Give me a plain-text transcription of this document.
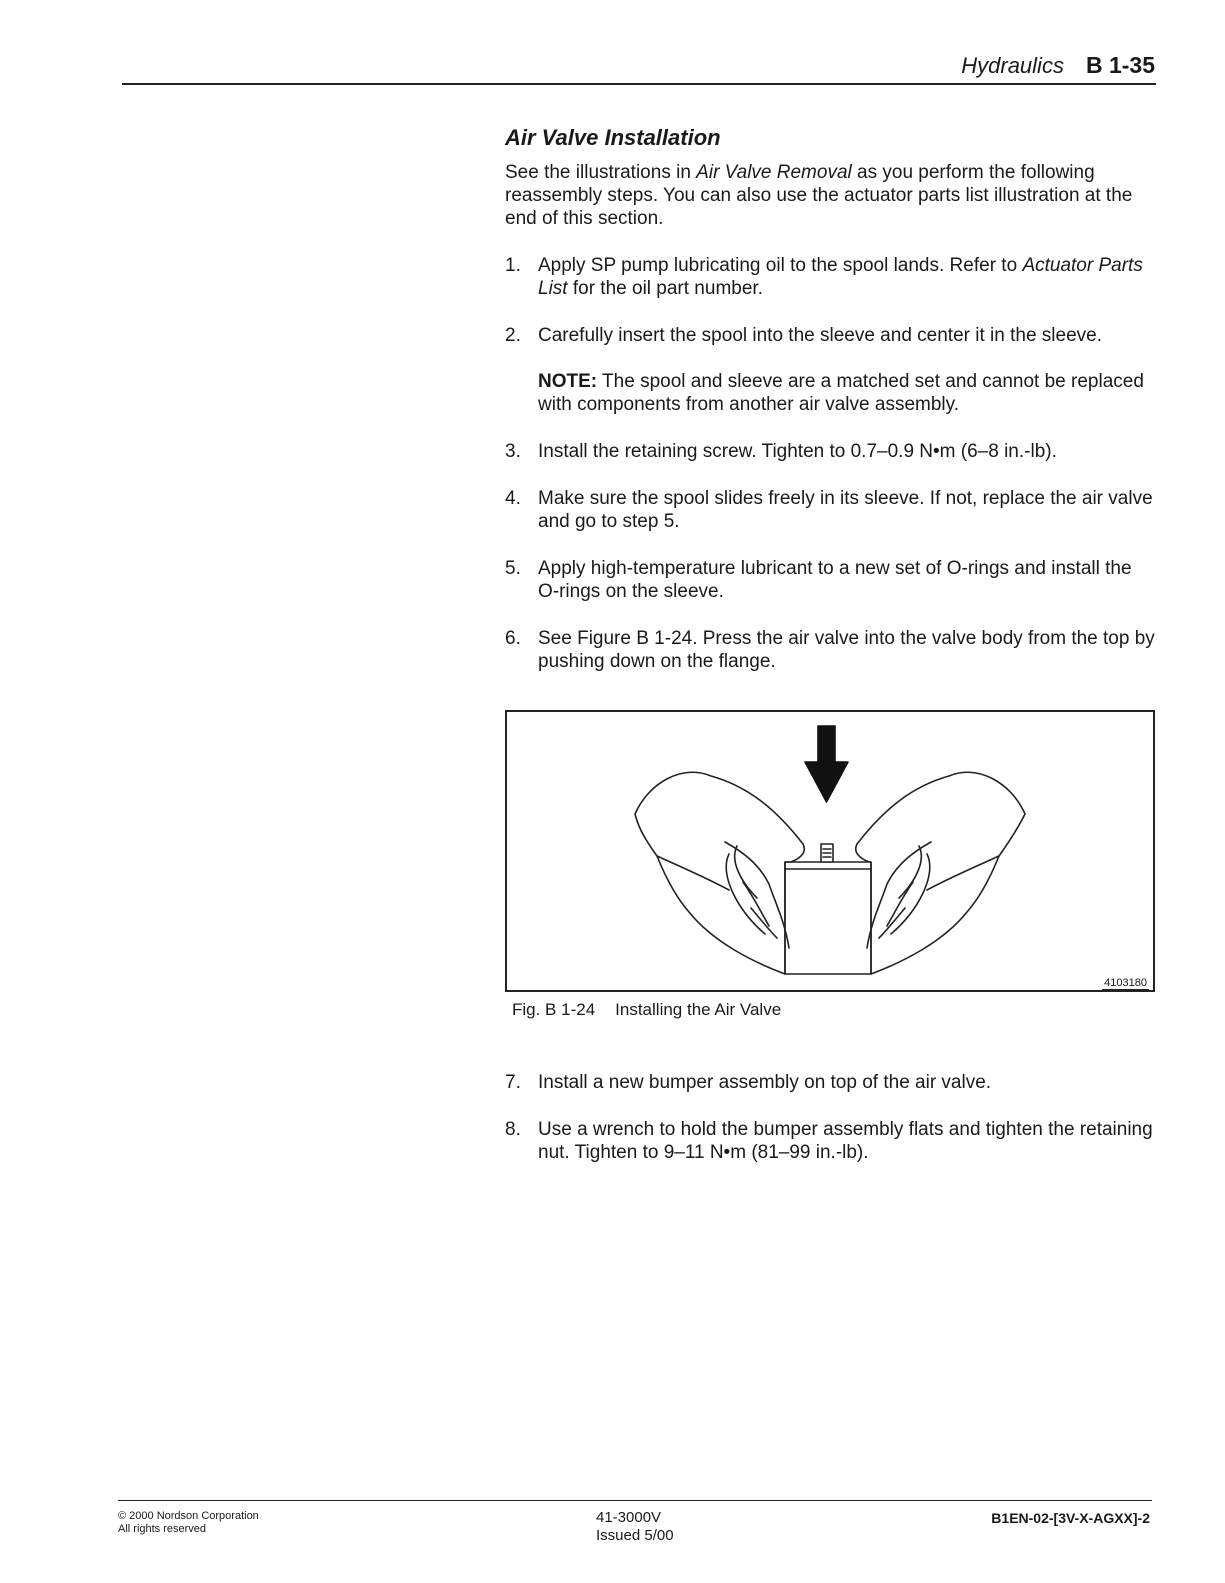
Hydraulics B 1-35
Air Valve Installation

See the illustrations in Air Valve Removal as you perform the following reassembly steps. You can also use the actuator parts list illustration at the end of this section.

1. Apply SP pump lubricating oil to the spool lands. Refer to Actuator Parts List for the oil part number.
2. Carefully insert the spool into the sleeve and center it in the sleeve.

NOTE: The spool and sleeve are a matched set and cannot be replaced with components from another air valve assembly.

3. Install the retaining screw. Tighten to 0.7–0.9 N•m (6–8 in.-lb).
4. Make sure the spool slides freely in its sleeve. If not, replace the air valve and go to step 5.
5. Apply high-temperature lubricant to a new set of O-rings and install the O-rings on the sleeve.
6. See Figure B 1-24. Press the air valve into the valve body from the top by pushing down on the flange.
4103180
Fig. B 1-24 Installing the Air Valve
7. Install a new bumper assembly on top of the air valve.
8. Use a wrench to hold the bumper assembly flats and tighten the retaining nut. Tighten to 9–11 N•m (81–99 in.-lb).
© 2000 Nordson Corporation
All rights reserved
41-3000V
Issued 5/00
B1EN-02-[3V-X-AGXX]-2
